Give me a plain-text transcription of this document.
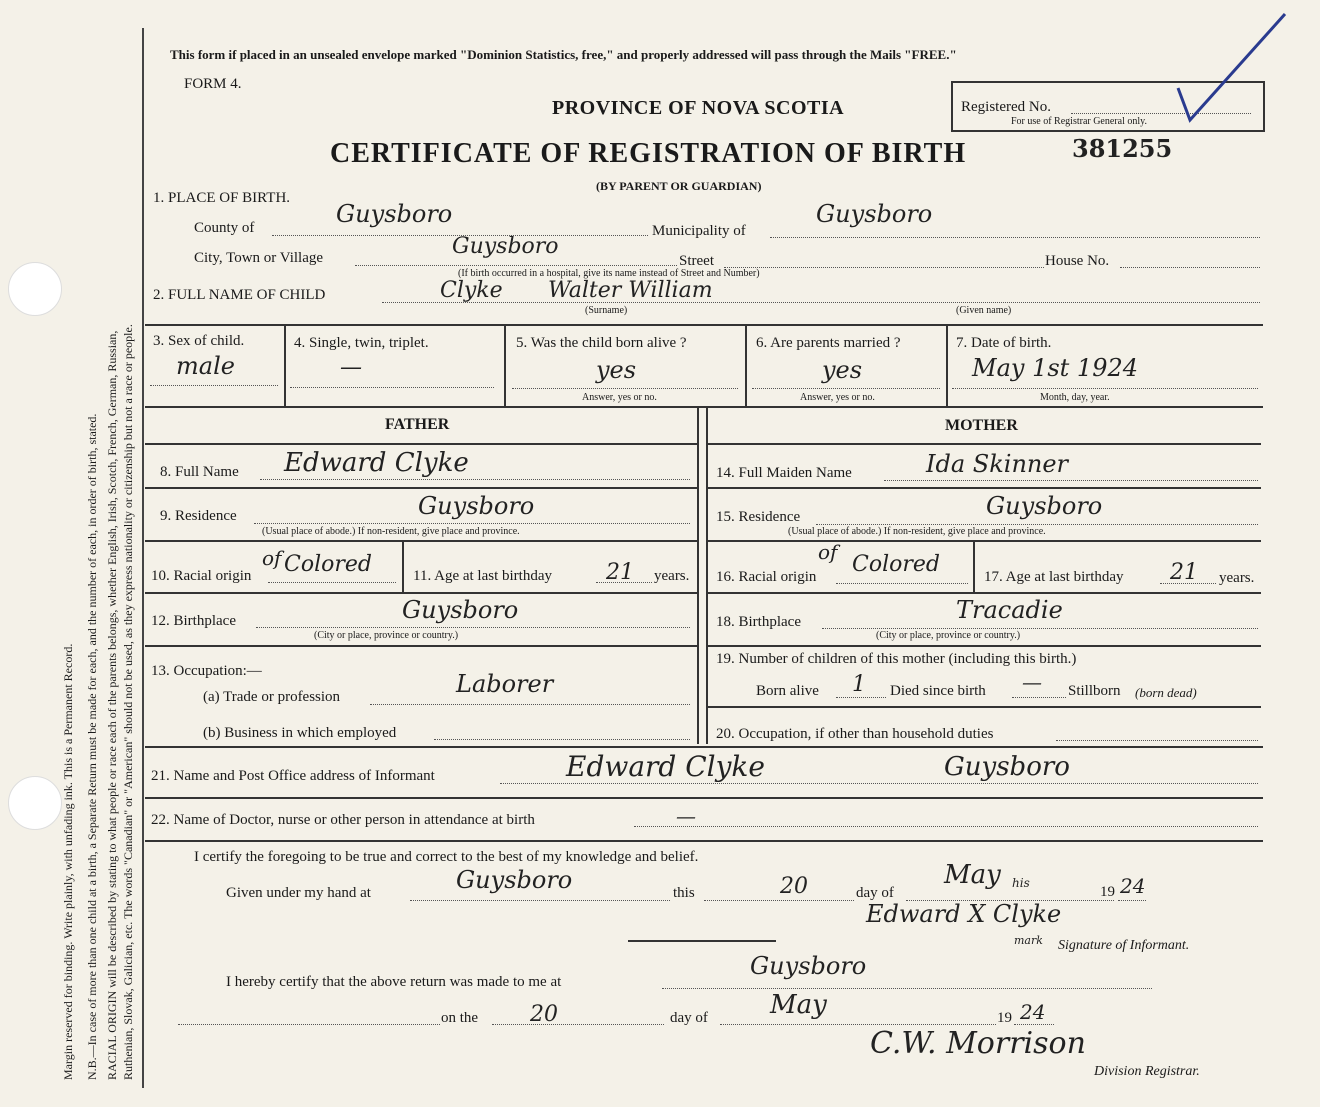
Margin reserved for binding. Write plainly, with unfading ink. This is a Permanent Record. N.B.—In case of more than one child at a birth, a Separate Return must be made for each, and the number of each, in order of birth, stated. RACIAL ORIGIN will be described by stating to what people or race each of the parents belongs, whether English, Irish, Scotch, French, German, Russian, Ruthenian, Slovak, Galician, etc. The words "Canadian" or "American" should not be used, as they express nationality or citizenship but not a race or people.
This form if placed in an unsealed envelope marked "Dominion Statistics, free," and properly addressed will pass through the Mails "FREE."
FORM 4.
PROVINCE OF NOVA SCOTIA
CERTIFICATE OF REGISTRATION OF BIRTH
(BY PARENT OR GUARDIAN)
381255
Registered No.
For use of Registrar General only.
1. PLACE OF BIRTH.
County of	Guysboro
Municipality of
Guysboro
City, Town or Village	Guysboro
Street	House No.
(If birth occurred in a hospital, give its name instead of Street and Number)
2. FULL NAME OF CHILD	Clyke Walter William
(Surname)	(Given name)
3. Sex of child.
male
4. Single, twin, triplet.
—
5. Was the child born alive ?
yes
Answer, yes or no.
6. Are parents married ?
yes
Answer, yes or no.
7. Date of birth.
May 1st 1924
Month, day, year.
FATHER	MOTHER
8. Full Name Edward Clyke
9. Residence	Guysboro
(Usual place of abode.) If non-resident, give place and province.
10. Racial origin
of Colored	11. Age at last birthday 21 years.
12. Birthplace	Guysboro
(City or place, province or country.)
13. Occupation:—
(a) Trade or profession	Laborer
(b) Business in which employed
14. Full Maiden Name	Ida Skinner
15. Residence	Guysboro
(Usual place of abode.) If non-resident, give place and province.
16. Racial origin
of Colored	17. Age at last birthday 21 years.
18. Birthplace	Tracadie
(City or place, province or country.)
19. Number of children of this mother (including this birth.)
Born alive 1 Died since birth — Stillborn (born dead)
20. Occupation, if other than household duties
21. Name and Post Office address of Informant	Edward Clyke	Guysboro
22. Name of Doctor, nurse or other person in attendance at birth	—
I certify the foregoing to be true and correct to the best of my knowledge and belief.
Given under my hand at	Guysboro	this	20	day of
May
19 24
his
Edward X Clyke
mark Signature of Informant.
I hereby certify that the above return was made to me at
Guysboro
on the 20	day of May	19 24
C.W. Morrison
Division Registrar.
